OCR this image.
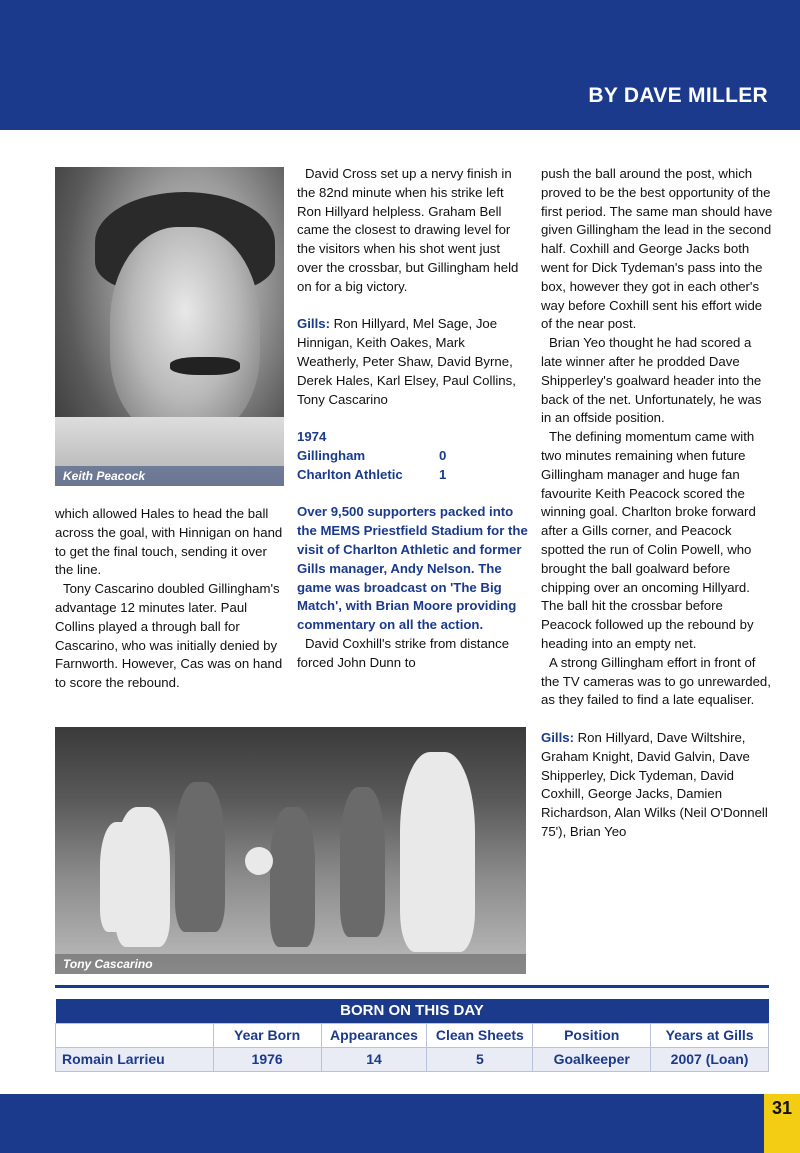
BY DAVE MILLER
Keith Peacock

which allowed Hales to head the ball across the goal, with Hinnigan on hand to get the final touch, sending it over the line.

Tony Cascarino doubled Gillingham's advantage 12 minutes later. Paul Collins played a through ball for Cascarino, who was initially denied by Farnworth. However, Cas was on hand to score the rebound.

David Cross set up a nervy finish in the 82nd minute when his strike left Ron Hillyard helpless. Graham Bell came the closest to drawing level for the visitors when his shot went just over the crossbar, but Gillingham held on for a big victory.

Gills: Ron Hillyard, Mel Sage, Joe Hinnigan, Keith Oakes, Mark Weatherly, Peter Shaw, David Byrne, Derek Hales, Karl Elsey, Paul Collins, Tony Cascarino

1974
Gillingham	0
Charlton Athletic	1

Over 9,500 supporters packed into the MEMS Priestfield Stadium for the visit of Charlton Athletic and former Gills manager, Andy Nelson. The game was broadcast on 'The Big Match', with Brian Moore providing commentary on all the action.

David Coxhill's strike from distance forced John Dunn to

push the ball around the post, which proved to be the best opportunity of the first period. The same man should have given Gillingham the lead in the second half. Coxhill and George Jacks both went for Dick Tydeman's pass into the box, however they got in each other's way before Coxhill sent his effort wide of the near post.

Brian Yeo thought he had scored a late winner after he prodded Dave Shipperley's goalward header into the back of the net. Unfortunately, he was in an offside position.

The defining momentum came with two minutes remaining when future Gillingham manager and huge fan favourite Keith Peacock scored the winning goal. Charlton broke forward after a Gills corner, and Peacock spotted the run of Colin Powell, who brought the ball goalward before chipping over an oncoming Hillyard. The ball hit the crossbar before Peacock followed up the rebound by heading into an empty net.

A strong Gillingham effort in front of the TV cameras was to go unrewarded, as they failed to find a late equaliser.

Gills: Ron Hillyard, Dave Wiltshire, Graham Knight, David Galvin, Dave Shipperley, Dick Tydeman, David Coxhill, George Jacks, Damien Richardson, Alan Wilks (Neil O'Donnell 75'), Brian Yeo

Tony Cascarino
BORN ON THIS DAY					
	Year Born	Appearances	Clean Sheets	Position	Years at Gills
Romain Larrieu	1976	14	5	Goalkeeper	2007 (Loan)
31
